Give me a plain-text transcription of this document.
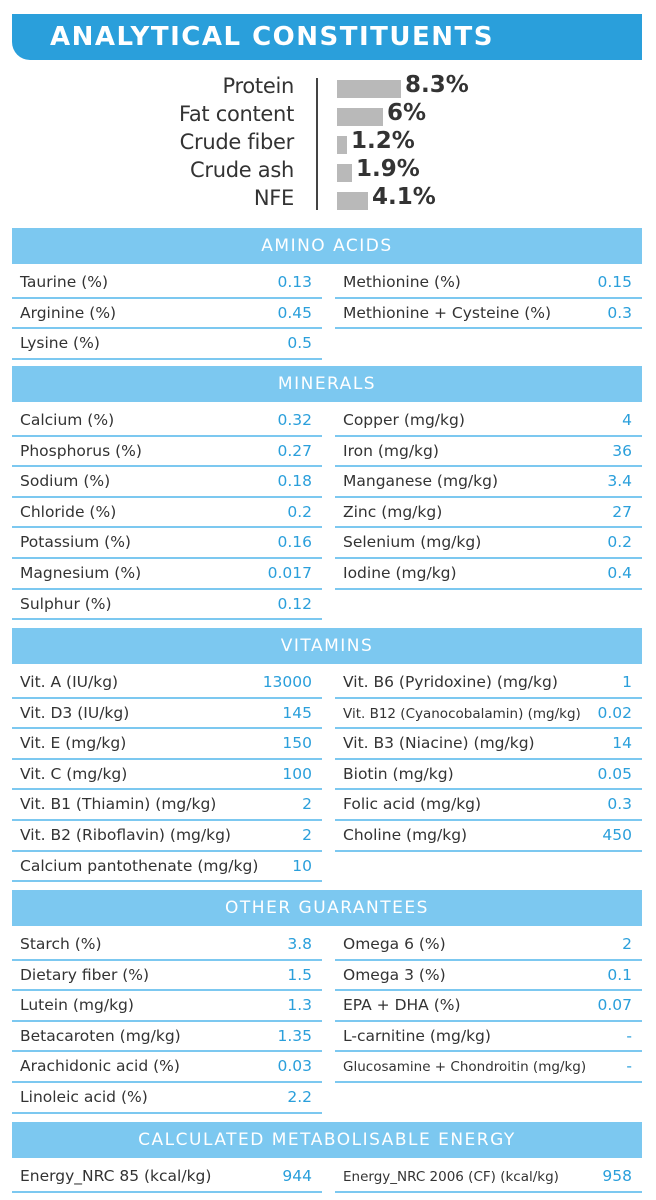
ANALYTICAL CONSTITUENTS
Protein	8.3%
Fat content	6%
Crude fiber 1.2%
Crude ash	1.9%
NFE	4.1%
AMINO ACIDS
Taurine (%)	0.13
Arginine (%)	0.45
Lysine (%)	0.5
Methionine (%)	0.15
Methionine + Cysteine (%)	0.3
MINERALS
Calcium (%)	0.32
Phosphorus (%)	0.27
Sodium (%)	0.18
Chloride (%)	0.2
Potassium (%)	0.16
Magnesium (%)	0.017
Sulphur (%)	0.12
Copper (mg/kg)	4
Iron (mg/kg)	36
Manganese (mg/kg)	3.4
Zinc (mg/kg)	27
Selenium (mg/kg)	0.2
Iodine (mg/kg)	0.4
VITAMINS
Vit. A (IU/kg)	13000
Vit. D3 (IU/kg)	145
Vit. E (mg/kg)	150
Vit. C (mg/kg)	100
Vit. B1 (Thiamin) (mg/kg)	2
Vit. B2 (Riboflavin) (mg/kg)	2
Calcium pantothenate (mg/kg) 10
Vit. B6 (Pyridoxine) (mg/kg)	1
Vit. B12 (Cyanocobalamin) (mg/kg) 0.02
Vit. B3 (Niacine) (mg/kg)	14
Biotin (mg/kg)	0.05
Folic acid (mg/kg)	0.3
Choline (mg/kg)	450
OTHER GUARANTEES
Starch (%)	3.8
Dietary fiber (%)	1.5
Lutein (mg/kg)	1.3
Betacaroten (mg/kg)	1.35
Arachidonic acid (%)	0.03
Linoleic acid (%)	2.2
Omega 6 (%)	2
Omega 3 (%)	0.1
EPA + DHA (%)	0.07
L-carnitine (mg/kg)	-
Glucosamine + Chondroitin (mg/kg)	-
CALCULATED METABOLISABLE ENERGY
Energy_NRC 85 (kcal/kg)	944 Energy_NRC 2006 (CF) (kcal/kg)	958
